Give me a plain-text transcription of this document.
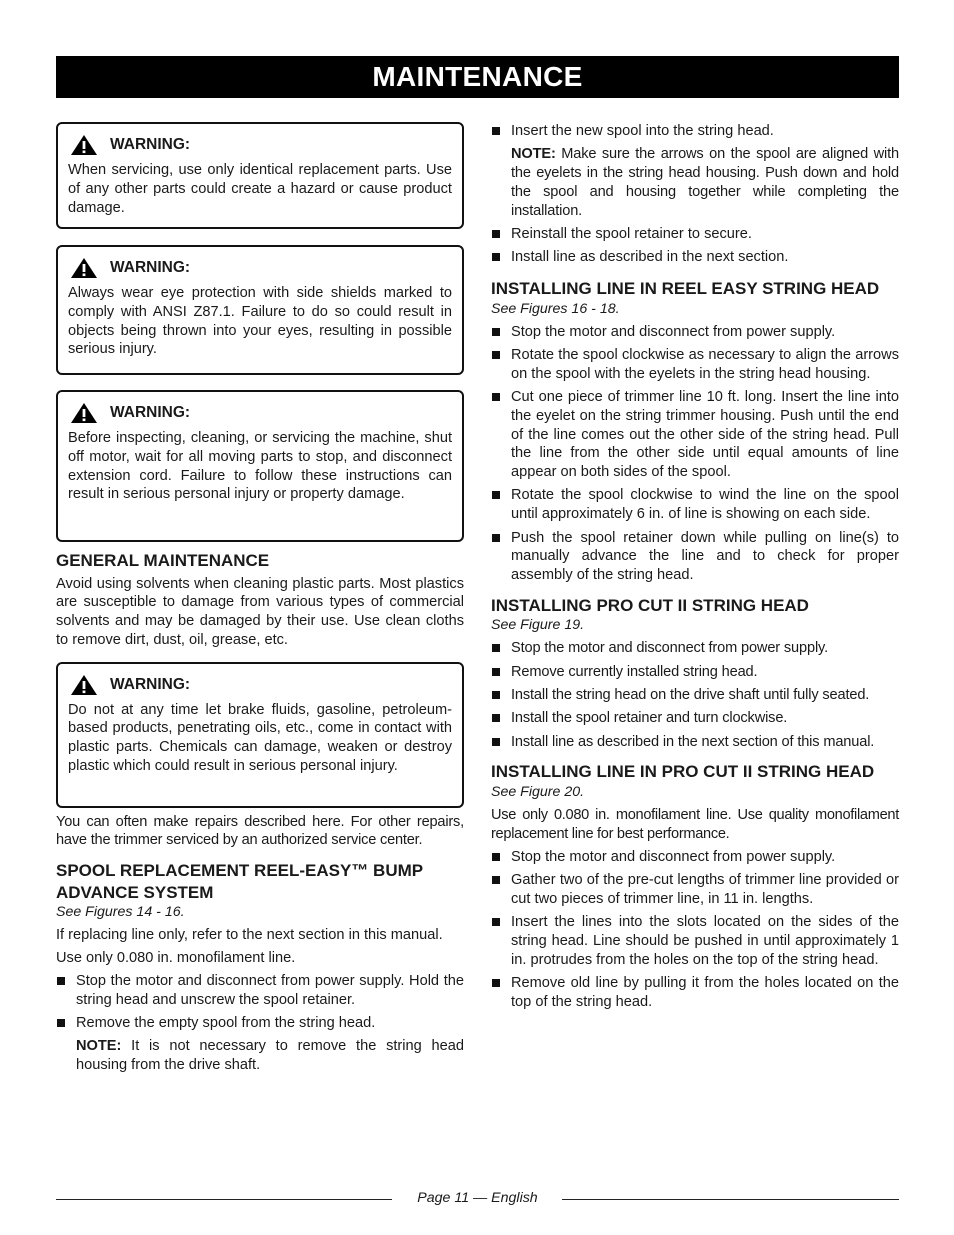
MAINTENANCE
WARNING:

When servicing, use only identical replacement parts. Use of any other parts could create a hazard or cause product damage.

WARNING:

Always wear eye protection with side shields marked to comply with ANSI Z87.1. Failure to do so could result in objects being thrown into your eyes, resulting in possible serious injury.

WARNING:

Before inspecting, cleaning, or servicing the machine, shut off motor, wait for all moving parts to stop, and disconnect extension cord. Failure to follow these instructions can result in serious personal injury or property damage.

GENERAL MAINTENANCE

Avoid using solvents when cleaning plastic parts. Most plastics are susceptible to damage from various types of commercial solvents and may be damaged by their use. Use clean cloths to remove dirt, dust, oil, grease, etc.

WARNING:

Do not at any time let brake fluids, gasoline, petroleum-based products, penetrating oils, etc., come in contact with plastic parts. Chemicals can damage, weaken or destroy plastic which could result in serious personal injury.

You can often make repairs described here. For other repairs, have the trimmer serviced by an authorized service center.

SPOOL REPLACEMENT REEL-EASY™ BUMP ADVANCE SYSTEM

See Figures 14 - 16.

If replacing line only, refer to the next section in this manual.

Use only 0.080 in. monofilament line.

Stop the motor and disconnect from power supply. Hold the string head and unscrew the spool retainer.
Remove the empty spool from the string head.

NOTE: It is not necessary to remove the string head housing from the drive shaft.

Insert the new spool into the string head.

NOTE: Make sure the arrows on the spool are aligned with the eyelets in the string head housing. Push down and hold the spool and housing together while completing the installation.

Reinstall the spool retainer to secure.
Install line as described in the next section.
INSTALLING LINE IN REEL EASY STRING HEAD

See Figures 16 - 18.

Stop the motor and disconnect from power supply.
Rotate the spool clockwise as necessary to align the arrows on the spool with the eyelets in the string head housing.
Cut one piece of trimmer line 10 ft. long. Insert the line into the eyelet on the string trimmer housing. Push until the end of the line comes out the other side of the string head. Pull the line from the other side until equal amounts of line appear on both sides of the spool.
Rotate the spool clockwise to wind the line on the spool until approximately 6 in. of line is showing on each side.
Push the spool retainer down while pulling on line(s) to manually advance the line and to check for proper assembly of the string head.
INSTALLING PRO CUT II STRING HEAD

See Figure 19.

Stop the motor and disconnect from power supply.
Remove currently installed string head.
Install the string head on the drive shaft until fully seated.
Install the spool retainer and turn clockwise.
Install line as described in the next section of this manual.
INSTALLING LINE IN PRO CUT II STRING HEAD

See Figure 20.

Use only 0.080 in. monofilament line. Use quality monofilament replacement line for best performance.

Stop the motor and disconnect from power supply.
Gather two of the pre-cut lengths of trimmer line provided or cut two pieces of trimmer line, in 11 in. lengths.
Insert the lines into the slots located on the sides of the string head. Line should be pushed in until approximately 1 in. protrudes from the holes on the top of the string head.
Remove old line by pulling it from the holes located on the top of the string head.
Page 11 — English
